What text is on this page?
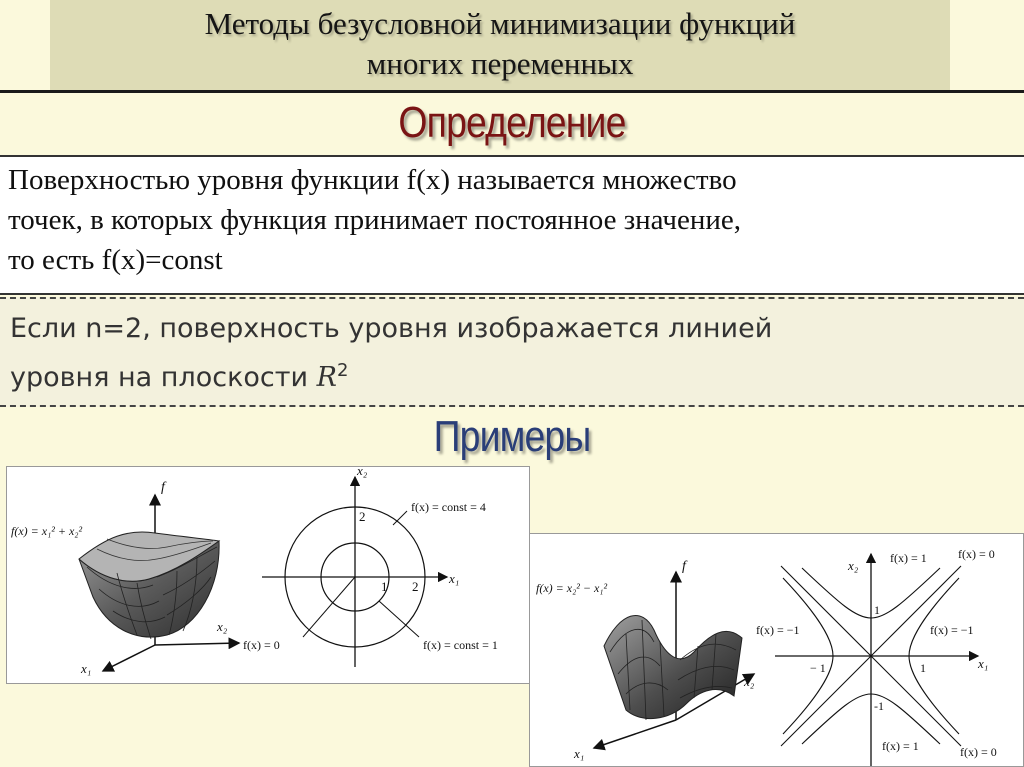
Методы безусловной минимизации функций
многих переменных
Определение
Поверхностью уровня функции f(x) называется множество
точек, в которых функция принимает постоянное значение,
то есть f(x)=const
Если n=2, поверхность уровня изображается линией
уровня на плоскости $R^2$
Примеры
f(x) = x₁² + x₂²
f
x₁
x₂
x₁
x₂
2
1 2
f(x) = const = 4
f(x) = 0	f(x) = const = 1
f(x) = x₂² − x₁²
f
x₁
x₂
x₁
x₂	f(x) = 1	f(x) = 0
f(x) = −1	f(x) = −1
f(x) = 1	f(x) = 0
1
-1
− 1	1
